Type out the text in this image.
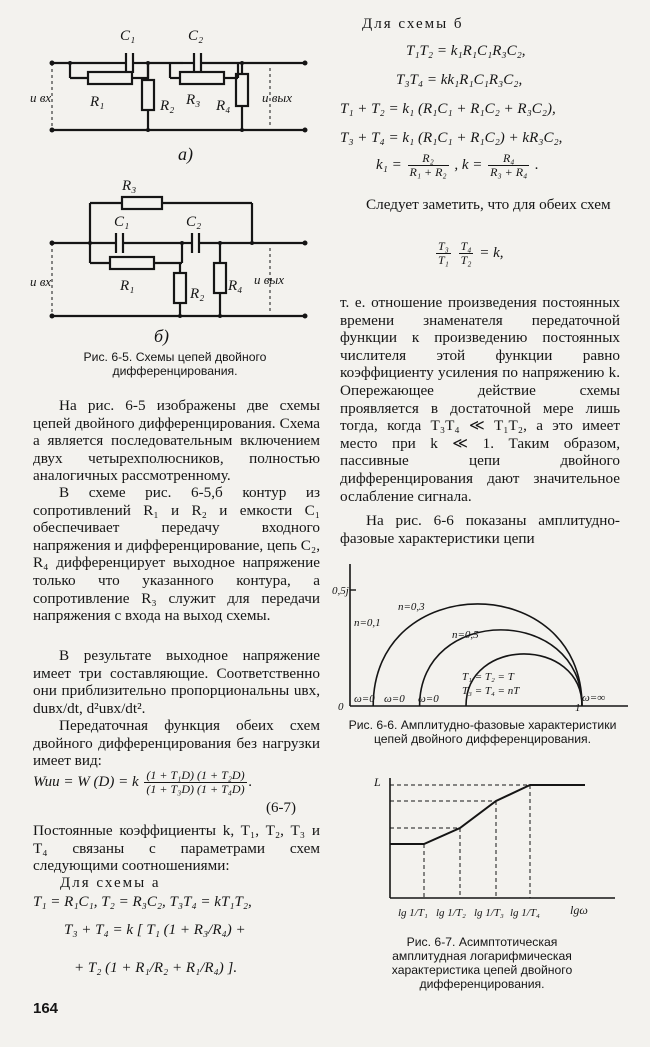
C₁	C₂
R₁	R₂ R₃ R₄
u вх	u вых
а)
R₃
C₁	C₂
R₁	R₂ R₄
u вх	u вых
б)
Рис. 6-5. Схемы цепей двойного дифференцирования.
На рис. 6-5 изображены две схемы цепей двойного дифференцирования. Схема а является последовательным включением двух четырехполюсников, полностью аналогичных рассмотренному.
В схеме рис. 6-5,б контур из сопротивлений R₁ и R₂ и емкости C₁ обеспечивает передачу входного напряжения и дифференцирование, цепь C₂, R₄ дифференцирует выходное напряжение только что указанного контура, а сопротивление R₃ служит для передачи напряжения с входа на выход схемы.
В результате выходное напряжение имеет три составляющие. Соответственно они приблизительно пропорциональны uвх, duвх/dt, d²uвх/dt².
Передаточная функция обеих схем двойного дифференцирования без нагрузки имеет вид:
Wuu = W (D) = k $\frac{\text{(1 + T₁D) (1 + T₂D)}}{\text{(1 + T₃D) (1 + T₄D)}}$ .
(6-7)
Постоянные коэффициенты k, T₁, T₂, T₃ и T₄ связаны с параметрами схем следующими соотношениями:
Для схемы а
T₁ = R₁C₁, T₂ = R₃C₂, T₃T₄ = kT₁T₂,
T₃ + T₄ = k [ T₁ (1 + R₃/R₄) +
+ T₂ (1 + R₁/R₂ + R₁/R₄) ].
164
Для схемы б
T₁T₂ = k₁R₁C₁R₃C₂,
T₃T₄ = kk₁R₁C₁R₃C₂,
T₁ + T₂ = k₁ (R₁C₁ + R₁C₂ + R₃C₂),
T₃ + T₄ = k₁ (R₁C₁ + R₁C₂) + kR₃C₂,
$k_1 = \frac{\text{R₂}}{\text{R₁ + R₂}}$ , $k = \frac{\text{R₄}}{\text{R₃ + R₄}}$ .
Следует заметить, что для обеих схем
$\frac{\text{T₃}}{\text{T₁}}$
$\frac{\text{T₄}}{\text{T₂}} = k$,
т. е. отношение произведения постоянных времени знаменателя передаточной функции к произведению постоянных числителя этой функции равно коэффициенту усиления по напряжению k. Опережающее действие схемы проявляется в достаточной мере лишь тогда, когда T₃T₄ ≪ T₁T₂, а это имеет место при k ≪ 1. Таким образом, пассивные цепи двойного дифференцирования дают значительное ослабление сигнала.
На рис. 6-6 показаны амплитудно-фазовые характеристики цепи
0,5j
0	1
n=0,1
n=0,3
n=0,5
ω=0 ω=0 ω=0	ω=∞
T₁ = T₂ = T
T₃ = T₄ = nT
Рис. 6-6. Амплитудно-фазовые характеристики цепей двойного дифференцирования.
L
lgω
lg 1/T₁ lg 1/T₂ lg 1/T₃ lg 1/T₄
Рис. 6-7. Асимптотическая амплитудная логарифмическая характеристика цепей двойного дифференцирования.
